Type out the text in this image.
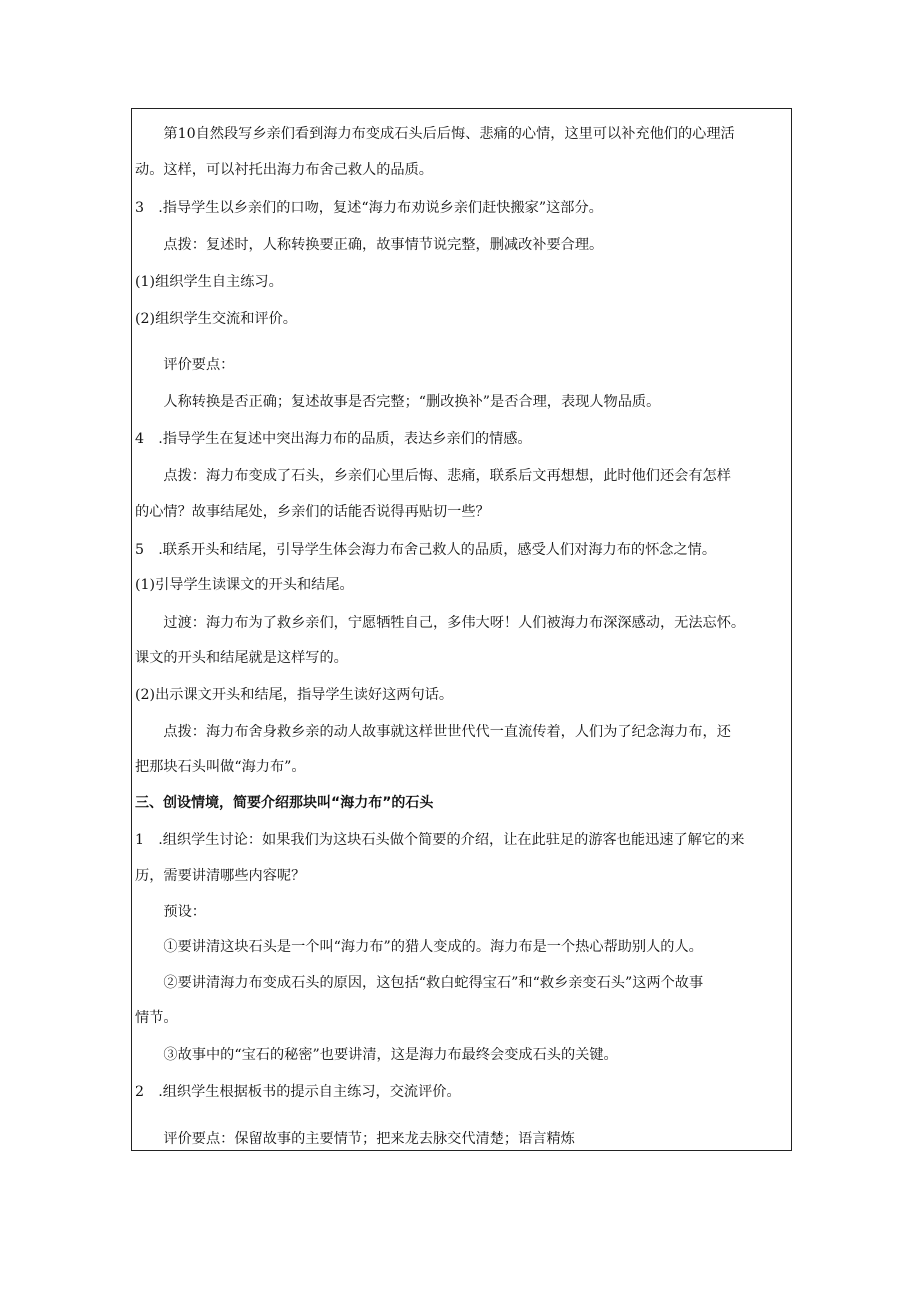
　　第10自然段写乡亲们看到海力布变成石头后后悔、悲痛的心情，这里可以补充他们的心理活
动。这样，可以衬托出海力布舍己救人的品质。
3　.指导学生以乡亲们的口吻，复述“海力布劝说乡亲们赶快搬家”这部分。
　　点拨：复述时，人称转换要正确，故事情节说完整，删减改补要合理。
(1)组织学生自主练习。
(2)组织学生交流和评价。
　　评价要点：
　　人称转换是否正确；复述故事是否完整；“删改换补”是否合理，表现人物品质。
4　.指导学生在复述中突出海力布的品质，表达乡亲们的情感。
　　点拨：海力布变成了石头，乡亲们心里后悔、悲痛，联系后文再想想，此时他们还会有怎样
的心情？故事结尾处，乡亲们的话能否说得再贴切一些？
5　.联系开头和结尾，引导学生体会海力布舍己救人的品质，感受人们对海力布的怀念之情。
(1)引导学生读课文的开头和结尾。
　　过渡：海力布为了救乡亲们，宁愿牺牲自己，多伟大呀！人们被海力布深深感动，无法忘怀。
课文的开头和结尾就是这样写的。
(2)出示课文开头和结尾，指导学生读好这两句话。
　　点拨：海力布舍身救乡亲的动人故事就这样世世代代一直流传着，人们为了纪念海力布，还
把那块石头叫做“海力布”。
三、创设情境，简要介绍那块叫“海力布”的石头
1　.组织学生讨论：如果我们为这块石头做个简要的介绍，让在此驻足的游客也能迅速了解它的来
历，需要讲清哪些内容呢？
　　预设：
　　①要讲清这块石头是一个叫“海力布”的猎人变成的。海力布是一个热心帮助别人的人。
　　②要讲清海力布变成石头的原因，这包括“救白蛇得宝石”和“救乡亲变石头”这两个故事
情节。
　　③故事中的“宝石的秘密”也要讲清，这是海力布最终会变成石头的关键。
2　.组织学生根据板书的提示自主练习，交流评价。
　　评价要点：保留故事的主要情节；把来龙去脉交代清楚；语言精炼
